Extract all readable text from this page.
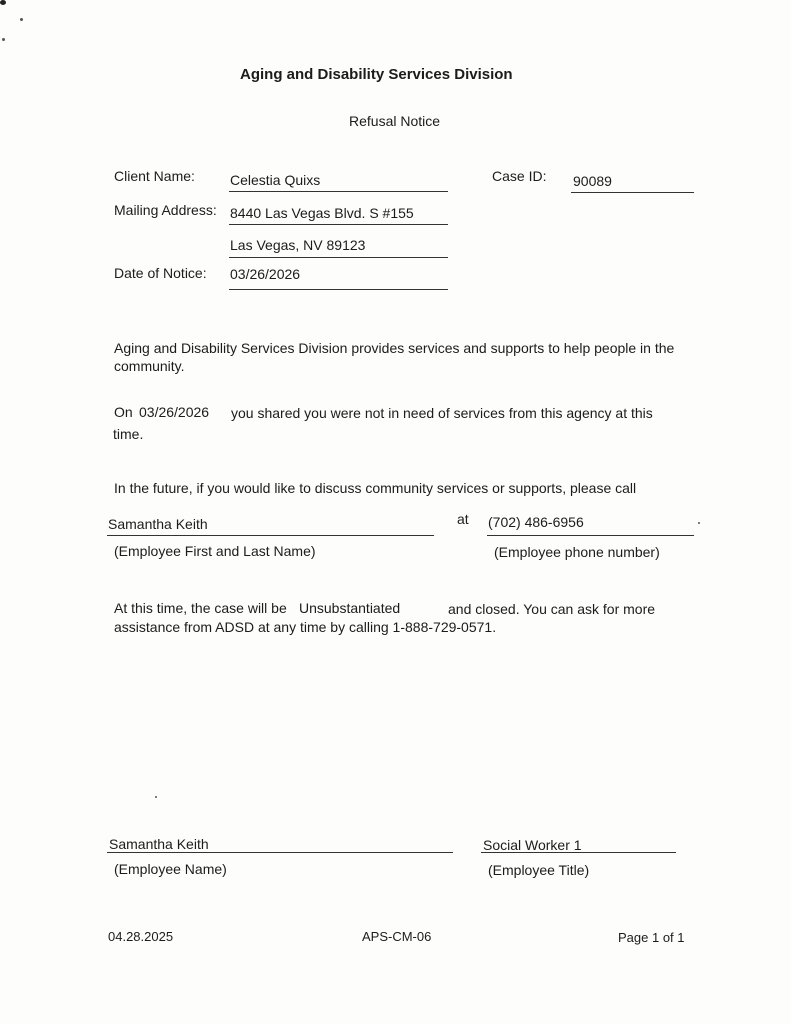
Aging and Disability Services Division
Refusal Notice
Client Name:	Celestia Quixs	Case ID: 90089
Mailing Address: 8440 Las Vegas Blvd. S #155
Las Vegas, NV 89123
Date of Notice: 03/26/2026
Aging and Disability Services Division provides services and supports to help people in the community.
On 03/26/2026 you shared you were not in need of services from this agency at this
time.
In the future, if you would like to discuss community services or supports, please call
Samantha Keith	at (702) 486-6956
(Employee First and Last Name)	(Employee phone number)
At this time, the case will be Unsubstantiated	and closed. You can ask for more
assistance from ADSD at any time by calling 1-888-729-0571.
Samantha Keith
(Employee Name)
Social Worker 1
(Employee Title)
04.28.2025	APS-CM-06	Page 1 of 1
